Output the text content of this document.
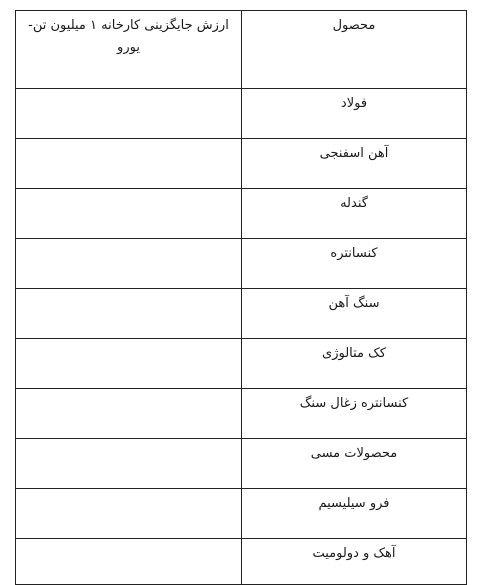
محصول	ارزش جایگزینی کارخانه ۱ میلیون تن-یورو
فولاد	
آهن اسفنجی	
گندله	
کنسانتره	
سنگ آهن	
کک متالوژی	
کنسانتره زغال سنگ	
محصولات مسی	
فرو سیلیسیم	
آهک و دولومیت	
